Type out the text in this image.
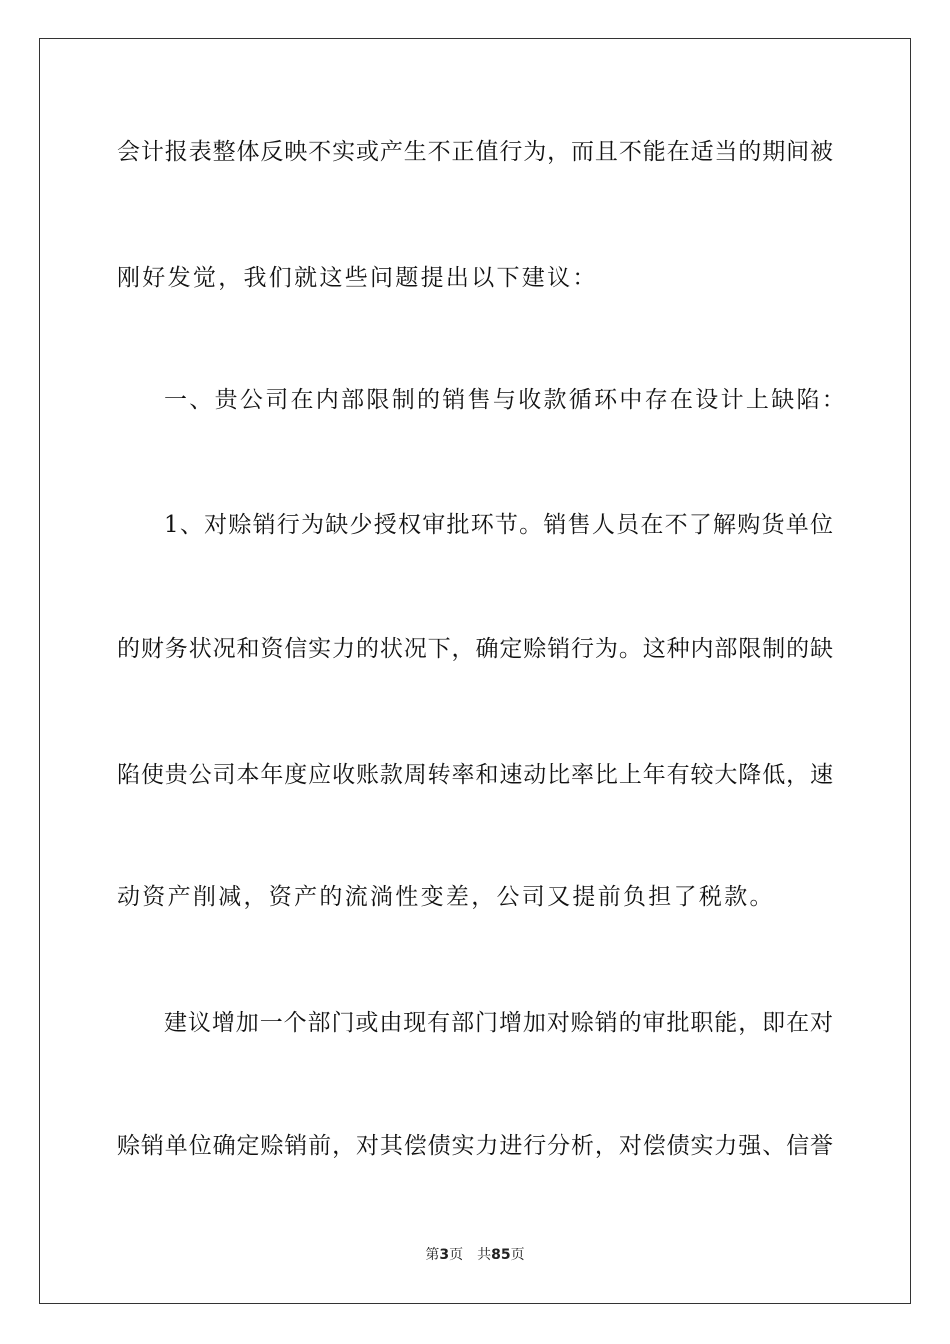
会计报表整体反映不实或产生不正值行为，而且不能在适当的期间被
刚好发觉，我们就这些问题提出以下建议：
一、贵公司在内部限制的销售与收款循环中存在设计上缺陷：
1、对赊销行为缺少授权审批环节。销售人员在不了解购货单位
的财务状况和资信实力的状况下，确定赊销行为。这种内部限制的缺
陷使贵公司本年度应收账款周转率和速动比率比上年有较大降低，速
动资产削减，资产的流淌性变差，公司又提前负担了税款。
建议增加一个部门或由现有部门增加对赊销的审批职能，即在对
赊销单位确定赊销前，对其偿债实力进行分析，对偿债实力强、信誉
第3页 共85页
